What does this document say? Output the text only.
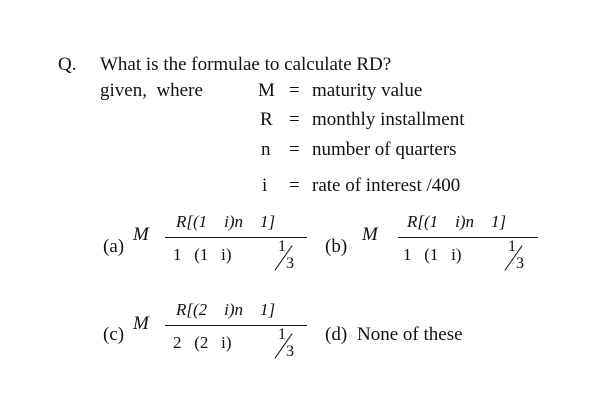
Q. What is the formulae to calculate RD?
given,  where	M = maturity value
R = monthly installment
n = number of quarters
i = rate of interest /400
(a)
M
R[(1    i)n    1]
1   (1   i)	1
3
(b)
M
R[(1    i)n    1]
1   (1   i)	1
3
(c)
M
R[(2    i)n    1]
2   (2   i)	1
3
(d) None of these
